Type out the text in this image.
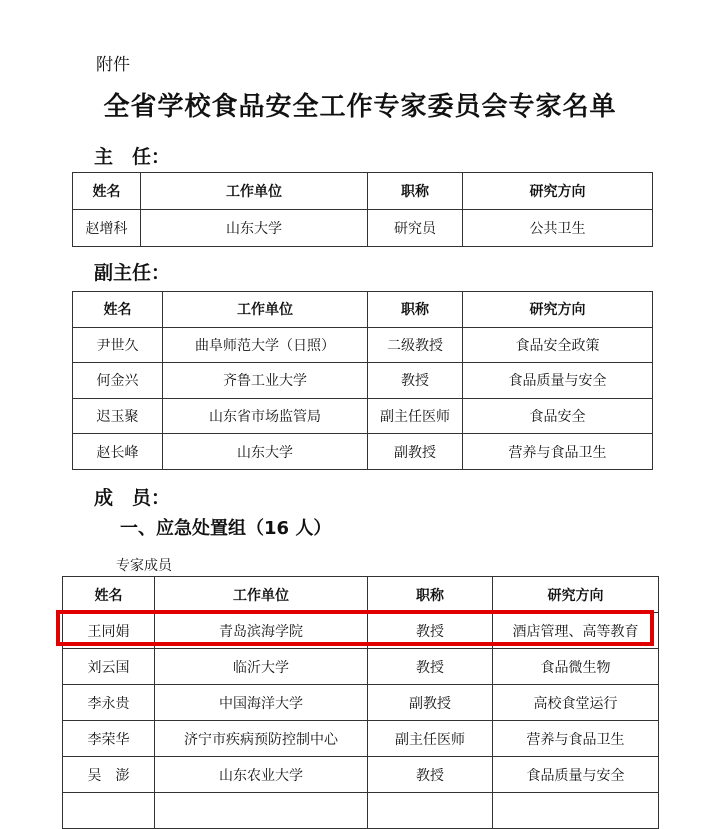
附件
全省学校食品安全工作专家委员会专家名单
主　任：
姓名	工作单位	职称	研究方向
赵增科	山东大学	研究员	公共卫生
副主任：
姓名	工作单位	职称	研究方向
尹世久	曲阜师范大学（日照）	二级教授	食品安全政策
何金兴	齐鲁工业大学	教授	食品质量与安全
迟玉聚	山东省市场监管局	副主任医师	食品安全
赵长峰	山东大学	副教授	营养与食品卫生
成　员：
一、应急处置组（16 人）
专家成员
姓名	工作单位	职称	研究方向
王同娟	青岛滨海学院	教授	酒店管理、高等教育
刘云国	临沂大学	教授	食品微生物
李永贵	中国海洋大学	副教授	高校食堂运行
李荣华	济宁市疾病预防控制中心	副主任医师	营养与食品卫生
吴　澎	山东农业大学	教授	食品质量与安全
